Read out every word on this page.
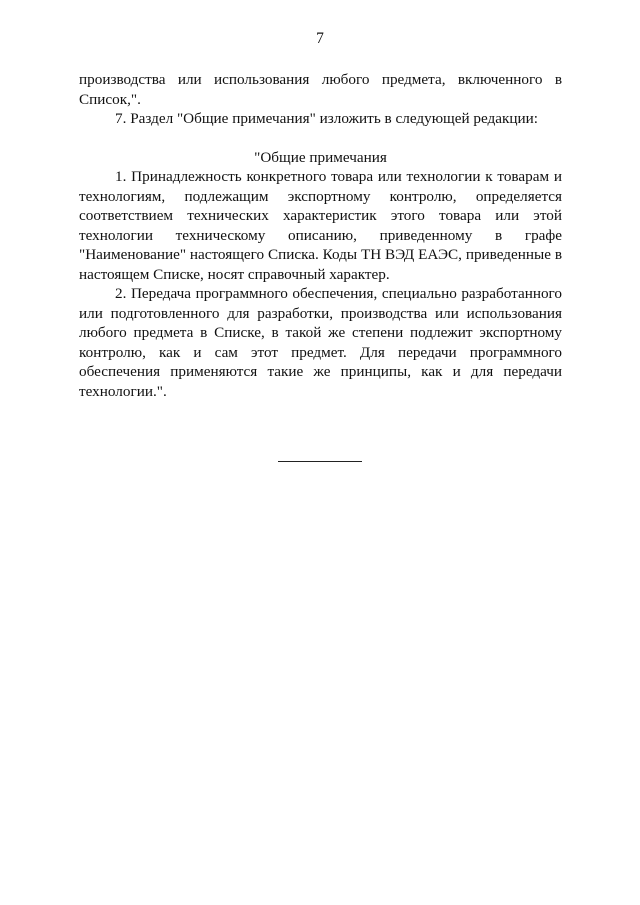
7

производства или использования любого предмета, включенного в Список,".

7. Раздел "Общие примечания" изложить в следующей редакции:

"Общие примечания

1. Принадлежность конкретного товара или технологии к товарам и технологиям, подлежащим экспортному контролю, определяется соответствием технических характеристик этого товара или этой технологии техническому описанию, приведенному в графе "Наименование" настоящего Списка. Коды ТН ВЭД ЕАЭС, приведенные в настоящем Списке, носят справочный характер.

2. Передача программного обеспечения, специально разработанного или подготовленного для разработки, производства или использования любого предмета в Списке, в такой же степени подлежит экспортному контролю, как и сам этот предмет. Для передачи программного обеспечения применяются такие же принципы, как и для передачи технологии.".
